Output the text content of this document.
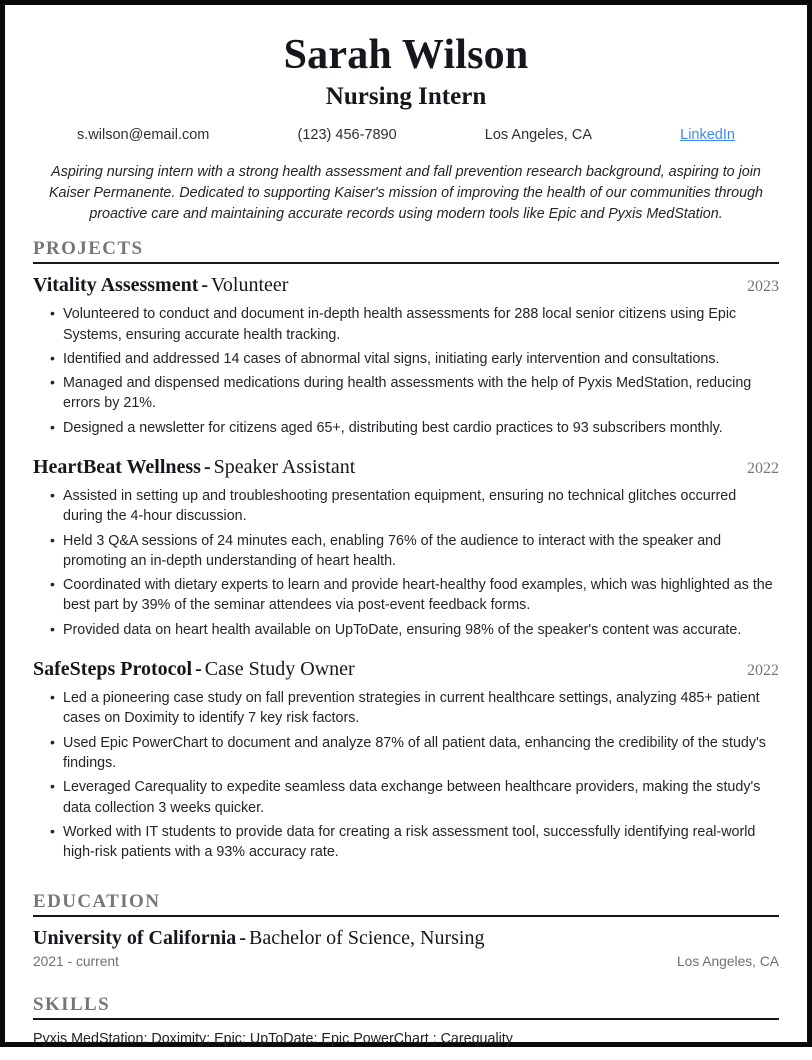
Sarah Wilson
Nursing Intern
s.wilson@email.com	(123) 456-7890	Los Angeles, CA	LinkedIn
Aspiring nursing intern with a strong health assessment and fall prevention research background, aspiring to join Kaiser Permanente. Dedicated to supporting Kaiser's mission of improving the health of our communities through proactive care and maintaining accurate records using modern tools like Epic and Pyxis MedStation.
PROJECTS
Vitality Assessment - Volunteer	2023
• Volunteered to conduct and document in-depth health assessments for 288 local senior citizens using Epic Systems, ensuring accurate health tracking.
• Identified and addressed 14 cases of abnormal vital signs, initiating early intervention and consultations.
• Managed and dispensed medications during health assessments with the help of Pyxis MedStation, reducing errors by 21%.
• Designed a newsletter for citizens aged 65+, distributing best cardio practices to 93 subscribers monthly.
HeartBeat Wellness - Speaker Assistant	2022
• Assisted in setting up and troubleshooting presentation equipment, ensuring no technical glitches occurred during the 4-hour discussion.
• Held 3 Q&A sessions of 24 minutes each, enabling 76% of the audience to interact with the speaker and promoting an in-depth understanding of heart health.
• Coordinated with dietary experts to learn and provide heart-healthy food examples, which was highlighted as the best part by 39% of the seminar attendees via post-event feedback forms.
• Provided data on heart health available on UpToDate, ensuring 98% of the speaker's content was accurate.
SafeSteps Protocol - Case Study Owner	2022
• Led a pioneering case study on fall prevention strategies in current healthcare settings, analyzing 485+ patient cases on Doximity to identify 7 key risk factors.
• Used Epic PowerChart to document and analyze 87% of all patient data, enhancing the credibility of the study's findings.
• Leveraged Carequality to expedite seamless data exchange between healthcare providers, making the study's data collection 3 weeks quicker.
• Worked with IT students to provide data for creating a risk assessment tool, successfully identifying real-world high-risk patients with a 93% accuracy rate.
EDUCATION
University of California - Bachelor of Science, Nursing
2021 - current	Los Angeles, CA
SKILLS
Pyxis MedStation; Doximity; Epic; UpToDate; Epic PowerChart ; Carequality
